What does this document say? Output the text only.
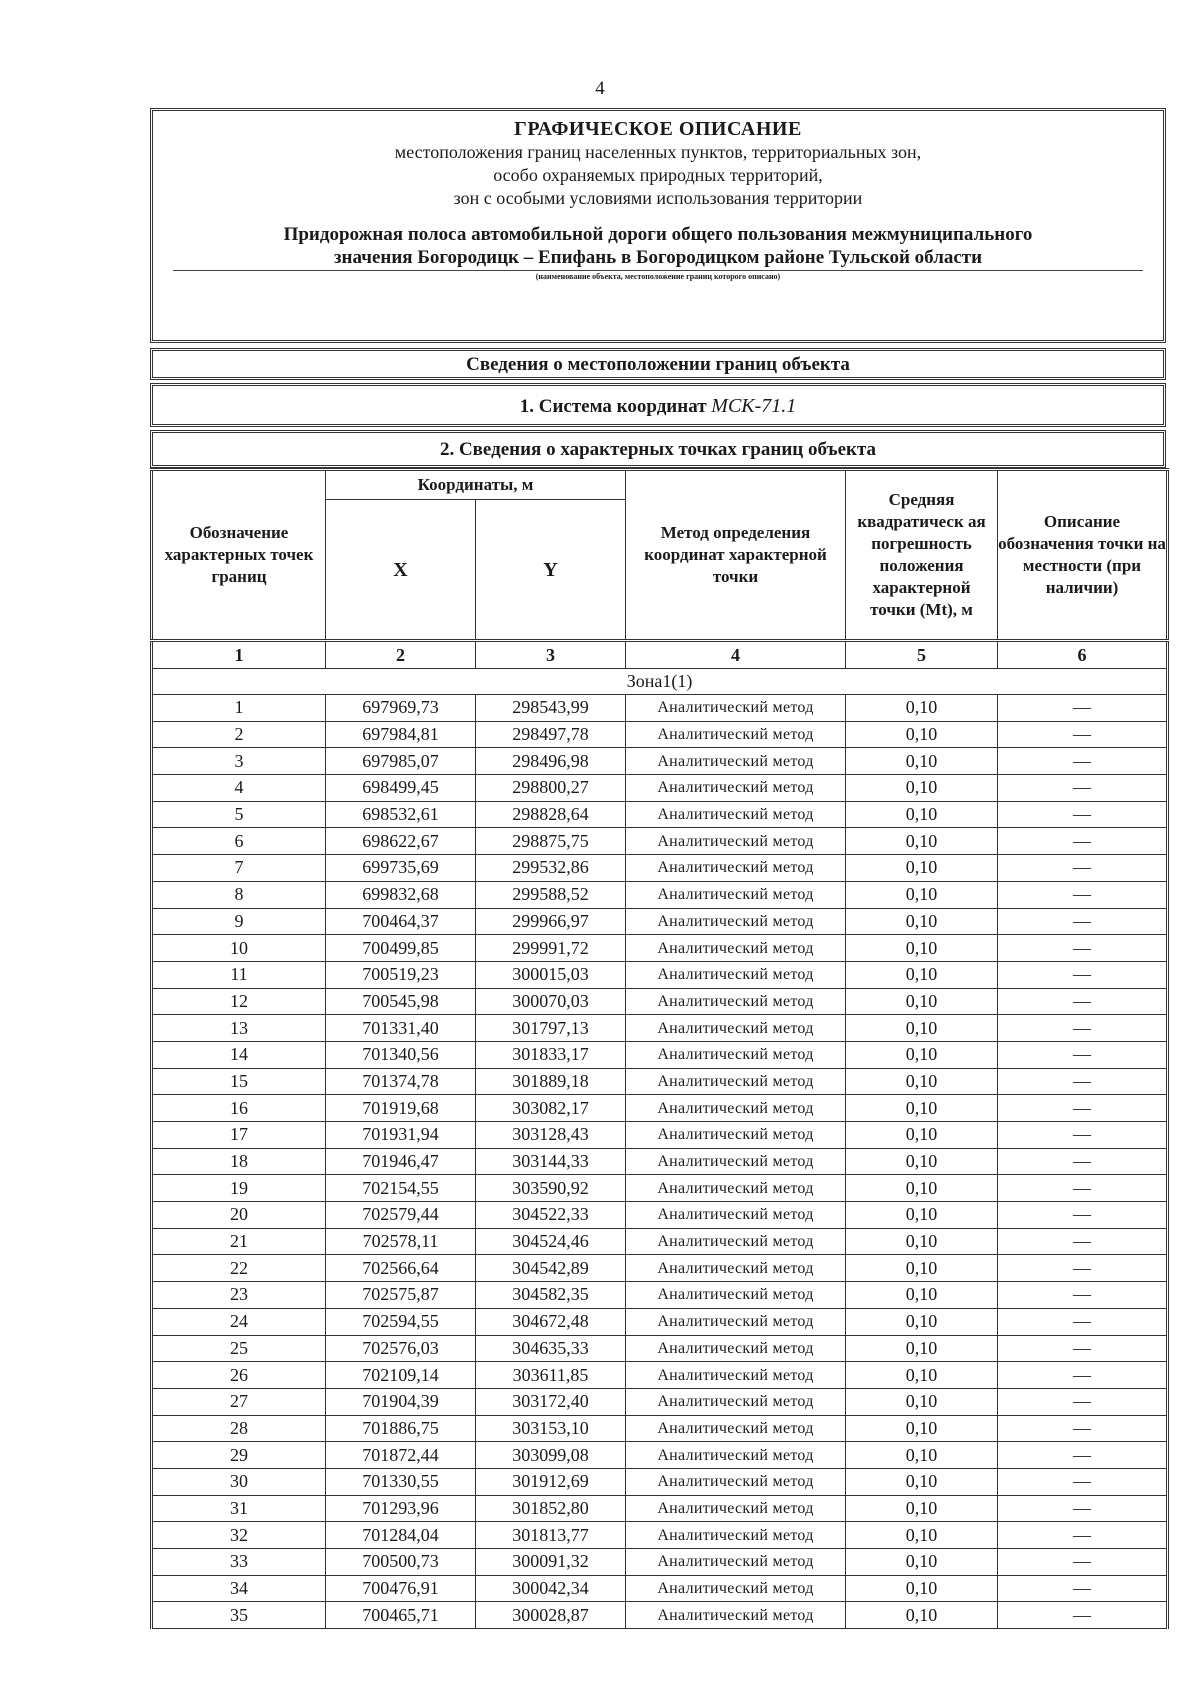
4
ГРАФИЧЕСКОЕ ОПИСАНИЕ
местоположения границ населенных пунктов, территориальных зон,
особо охраняемых природных территорий,
зон с особыми условиями использования территории
Придорожная полоса автомобильной дороги общего пользования межмуниципального
значения Богородицк – Епифань в Богородицком районе Тульской области
(наименование объекта, местоположение границ которого описано)
Сведения о местоположении границ объекта
1. Система координат МСК-71.1
2. Сведения о характерных точках границ объекта
Обозначение характерных точек границ	Координаты, м		Метод определения координат характерной точки	Средняя квадратическ ая погрешность положения характерной точки (Mt), м	Описание обозначения точки на местности (при наличии)
	X	Y			
1	2	3	4	5	6
Зона1(1)					
1	697969,73	298543,99	Аналитический метод	0,10	—
2	697984,81	298497,78	Аналитический метод	0,10	—
3	697985,07	298496,98	Аналитический метод	0,10	—
4	698499,45	298800,27	Аналитический метод	0,10	—
5	698532,61	298828,64	Аналитический метод	0,10	—
6	698622,67	298875,75	Аналитический метод	0,10	—
7	699735,69	299532,86	Аналитический метод	0,10	—
8	699832,68	299588,52	Аналитический метод	0,10	—
9	700464,37	299966,97	Аналитический метод	0,10	—
10	700499,85	299991,72	Аналитический метод	0,10	—
11	700519,23	300015,03	Аналитический метод	0,10	—
12	700545,98	300070,03	Аналитический метод	0,10	—
13	701331,40	301797,13	Аналитический метод	0,10	—
14	701340,56	301833,17	Аналитический метод	0,10	—
15	701374,78	301889,18	Аналитический метод	0,10	—
16	701919,68	303082,17	Аналитический метод	0,10	—
17	701931,94	303128,43	Аналитический метод	0,10	—
18	701946,47	303144,33	Аналитический метод	0,10	—
19	702154,55	303590,92	Аналитический метод	0,10	—
20	702579,44	304522,33	Аналитический метод	0,10	—
21	702578,11	304524,46	Аналитический метод	0,10	—
22	702566,64	304542,89	Аналитический метод	0,10	—
23	702575,87	304582,35	Аналитический метод	0,10	—
24	702594,55	304672,48	Аналитический метод	0,10	—
25	702576,03	304635,33	Аналитический метод	0,10	—
26	702109,14	303611,85	Аналитический метод	0,10	—
27	701904,39	303172,40	Аналитический метод	0,10	—
28	701886,75	303153,10	Аналитический метод	0,10	—
29	701872,44	303099,08	Аналитический метод	0,10	—
30	701330,55	301912,69	Аналитический метод	0,10	—
31	701293,96	301852,80	Аналитический метод	0,10	—
32	701284,04	301813,77	Аналитический метод	0,10	—
33	700500,73	300091,32	Аналитический метод	0,10	—
34	700476,91	300042,34	Аналитический метод	0,10	—
35	700465,71	300028,87	Аналитический метод	0,10	—
